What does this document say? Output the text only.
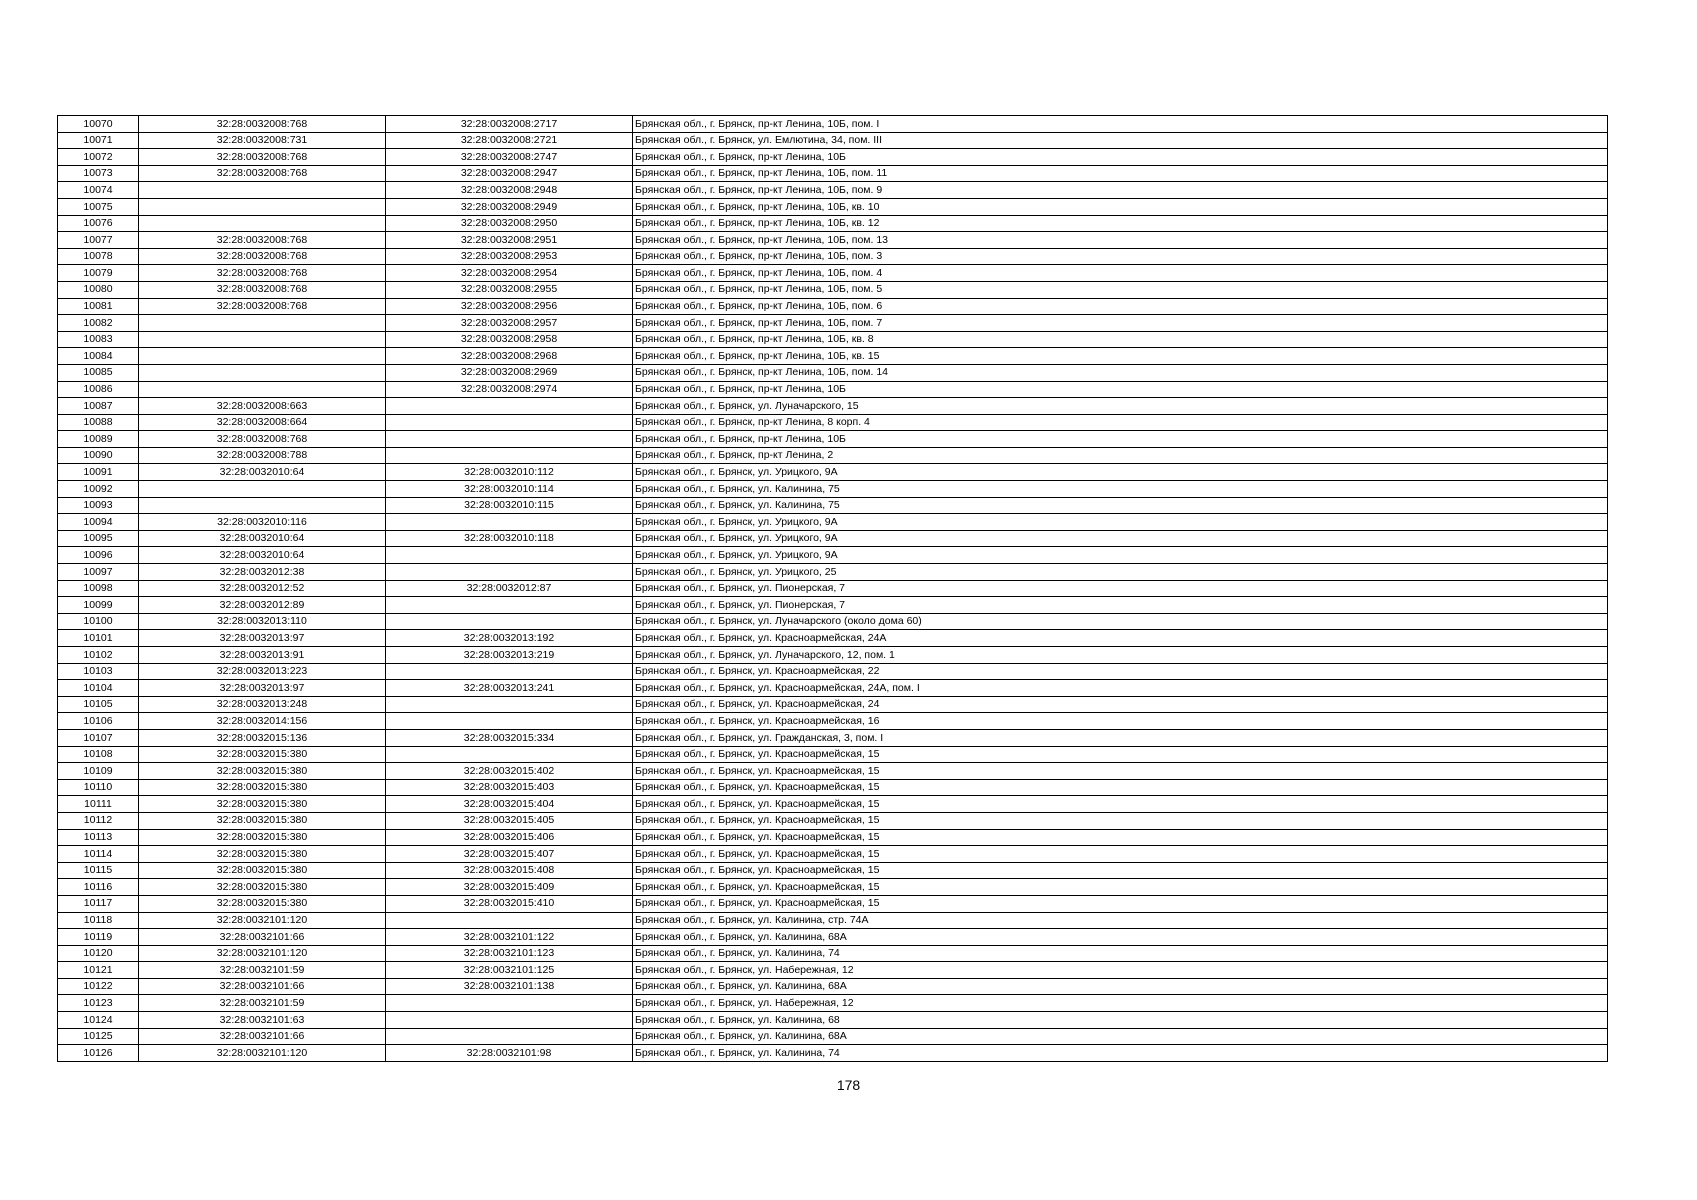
10070	32:28:0032008:768	32:28:0032008:2717	Брянская обл., г. Брянск, пр-кт Ленина, 10Б, пом. I
10071	32:28:0032008:731	32:28:0032008:2721	Брянская обл., г. Брянск, ул. Емлютина, 34, пом. III
10072	32:28:0032008:768	32:28:0032008:2747	Брянская обл., г. Брянск, пр-кт Ленина, 10Б
10073	32:28:0032008:768	32:28:0032008:2947	Брянская обл., г. Брянск, пр-кт Ленина, 10Б, пом. 11
10074		32:28:0032008:2948	Брянская обл., г. Брянск, пр-кт Ленина, 10Б, пом. 9
10075		32:28:0032008:2949	Брянская обл., г. Брянск, пр-кт Ленина, 10Б, кв. 10
10076		32:28:0032008:2950	Брянская обл., г. Брянск, пр-кт Ленина, 10Б, кв. 12
10077	32:28:0032008:768	32:28:0032008:2951	Брянская обл., г. Брянск, пр-кт Ленина, 10Б, пом. 13
10078	32:28:0032008:768	32:28:0032008:2953	Брянская обл., г. Брянск, пр-кт Ленина, 10Б, пом. 3
10079	32:28:0032008:768	32:28:0032008:2954	Брянская обл., г. Брянск, пр-кт Ленина, 10Б, пом. 4
10080	32:28:0032008:768	32:28:0032008:2955	Брянская обл., г. Брянск, пр-кт Ленина, 10Б, пом. 5
10081	32:28:0032008:768	32:28:0032008:2956	Брянская обл., г. Брянск, пр-кт Ленина, 10Б, пом. 6
10082		32:28:0032008:2957	Брянская обл., г. Брянск, пр-кт Ленина, 10Б, пом. 7
10083		32:28:0032008:2958	Брянская обл., г. Брянск, пр-кт Ленина, 10Б, кв. 8
10084		32:28:0032008:2968	Брянская обл., г. Брянск, пр-кт Ленина, 10Б, кв. 15
10085		32:28:0032008:2969	Брянская обл., г. Брянск, пр-кт Ленина, 10Б, пом. 14
10086		32:28:0032008:2974	Брянская обл., г. Брянск, пр-кт Ленина, 10Б
10087	32:28:0032008:663		Брянская обл., г. Брянск, ул. Луначарского, 15
10088	32:28:0032008:664		Брянская обл., г. Брянск, пр-кт Ленина, 8 корп. 4
10089	32:28:0032008:768		Брянская обл., г. Брянск, пр-кт Ленина, 10Б
10090	32:28:0032008:788		Брянская обл., г. Брянск, пр-кт Ленина, 2
10091	32:28:0032010:64	32:28:0032010:112	Брянская обл., г. Брянск, ул. Урицкого, 9А
10092		32:28:0032010:114	Брянская обл., г. Брянск, ул. Калинина, 75
10093		32:28:0032010:115	Брянская обл., г. Брянск, ул. Калинина, 75
10094	32:28:0032010:116		Брянская обл., г. Брянск, ул. Урицкого, 9А
10095	32:28:0032010:64	32:28:0032010:118	Брянская обл., г. Брянск, ул. Урицкого, 9А
10096	32:28:0032010:64		Брянская обл., г. Брянск, ул. Урицкого, 9А
10097	32:28:0032012:38		Брянская обл., г. Брянск, ул. Урицкого, 25
10098	32:28:0032012:52	32:28:0032012:87	Брянская обл., г. Брянск, ул. Пионерская, 7
10099	32:28:0032012:89		Брянская обл., г. Брянск, ул. Пионерская, 7
10100	32:28:0032013:110		Брянская обл., г. Брянск, ул. Луначарского (около дома 60)
10101	32:28:0032013:97	32:28:0032013:192	Брянская обл., г. Брянск, ул. Красноармейская, 24А
10102	32:28:0032013:91	32:28:0032013:219	Брянская обл., г. Брянск, ул. Луначарского, 12, пом. 1
10103	32:28:0032013:223		Брянская обл., г. Брянск, ул. Красноармейская, 22
10104	32:28:0032013:97	32:28:0032013:241	Брянская обл., г. Брянск, ул. Красноармейская, 24А, пом. I
10105	32:28:0032013:248		Брянская обл., г. Брянск, ул. Красноармейская, 24
10106	32:28:0032014:156		Брянская обл., г. Брянск, ул. Красноармейская, 16
10107	32:28:0032015:136	32:28:0032015:334	Брянская обл., г. Брянск, ул. Гражданская, 3, пом. I
10108	32:28:0032015:380		Брянская обл., г. Брянск, ул. Красноармейская, 15
10109	32:28:0032015:380	32:28:0032015:402	Брянская обл., г. Брянск, ул. Красноармейская, 15
10110	32:28:0032015:380	32:28:0032015:403	Брянская обл., г. Брянск, ул. Красноармейская, 15
10111	32:28:0032015:380	32:28:0032015:404	Брянская обл., г. Брянск, ул. Красноармейская, 15
10112	32:28:0032015:380	32:28:0032015:405	Брянская обл., г. Брянск, ул. Красноармейская, 15
10113	32:28:0032015:380	32:28:0032015:406	Брянская обл., г. Брянск, ул. Красноармейская, 15
10114	32:28:0032015:380	32:28:0032015:407	Брянская обл., г. Брянск, ул. Красноармейская, 15
10115	32:28:0032015:380	32:28:0032015:408	Брянская обл., г. Брянск, ул. Красноармейская, 15
10116	32:28:0032015:380	32:28:0032015:409	Брянская обл., г. Брянск, ул. Красноармейская, 15
10117	32:28:0032015:380	32:28:0032015:410	Брянская обл., г. Брянск, ул. Красноармейская, 15
10118	32:28:0032101:120		Брянская обл., г. Брянск, ул. Калинина, стр. 74А
10119	32:28:0032101:66	32:28:0032101:122	Брянская обл., г. Брянск, ул. Калинина, 68А
10120	32:28:0032101:120	32:28:0032101:123	Брянская обл., г. Брянск, ул. Калинина, 74
10121	32:28:0032101:59	32:28:0032101:125	Брянская обл., г. Брянск, ул. Набережная, 12
10122	32:28:0032101:66	32:28:0032101:138	Брянская обл., г. Брянск, ул. Калинина, 68А
10123	32:28:0032101:59		Брянская обл., г. Брянск, ул. Набережная, 12
10124	32:28:0032101:63		Брянская обл., г. Брянск, ул. Калинина, 68
10125	32:28:0032101:66		Брянская обл., г. Брянск, ул. Калинина, 68А
10126	32:28:0032101:120	32:28:0032101:98	Брянская обл., г. Брянск, ул. Калинина, 74
178
